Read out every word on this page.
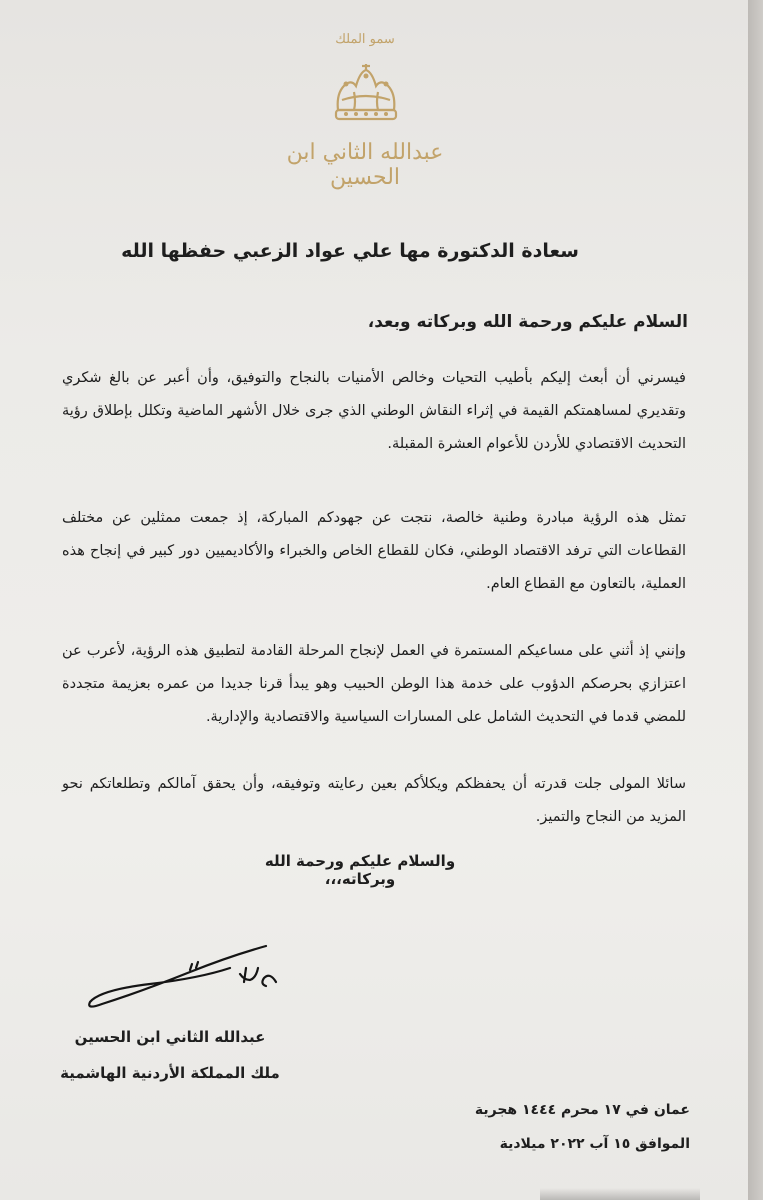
سمو الملك
عبدالله الثاني ابن الحسين
سعادة الدكتورة مها علي عواد الزعبي حفظها الله
السلام عليكم ورحمة الله وبركاته وبعد،
فيسرني أن أبعث إليكم بأطيب التحيات وخالص الأمنيات بالنجاح والتوفيق، وأن أعبر عن بالغ شكري وتقديري لمساهمتكم القيمة في إثراء النقاش الوطني الذي جرى خلال الأشهر الماضية وتكلل بإطلاق رؤية التحديث الاقتصادي للأردن للأعوام العشرة المقبلة.
تمثل هذه الرؤية مبادرة وطنية خالصة، نتجت عن جهودكم المباركة، إذ جمعت ممثلين عن مختلف القطاعات التي ترفد الاقتصاد الوطني، فكان للقطاع الخاص والخبراء والأكاديميين دور كبير في إنجاح هذه العملية، بالتعاون مع القطاع العام.
وإنني إذ أثني على مساعيكم المستمرة في العمل لإنجاح المرحلة القادمة لتطبيق هذه الرؤية، لأعرب عن اعتزازي بحرصكم الدؤوب على خدمة هذا الوطن الحبيب وهو يبدأ قرنا جديدا من عمره بعزيمة متجددة للمضي قدما في التحديث الشامل على المسارات السياسية والاقتصادية والإدارية.
سائلا المولى جلت قدرته أن يحفظكم ويكلأكم بعين رعايته وتوفيقه، وأن يحقق آمالكم وتطلعاتكم نحو المزيد من النجاح والتميز.
والسلام عليكم ورحمة الله وبركاته،،،
عبدالله الثاني ابن الحسين
ملك المملكة الأردنية الهاشمية
عمان في ١٧ محرم ١٤٤٤ هجرية
الموافق ١٥ آب ٢٠٢٢ ميلادية
